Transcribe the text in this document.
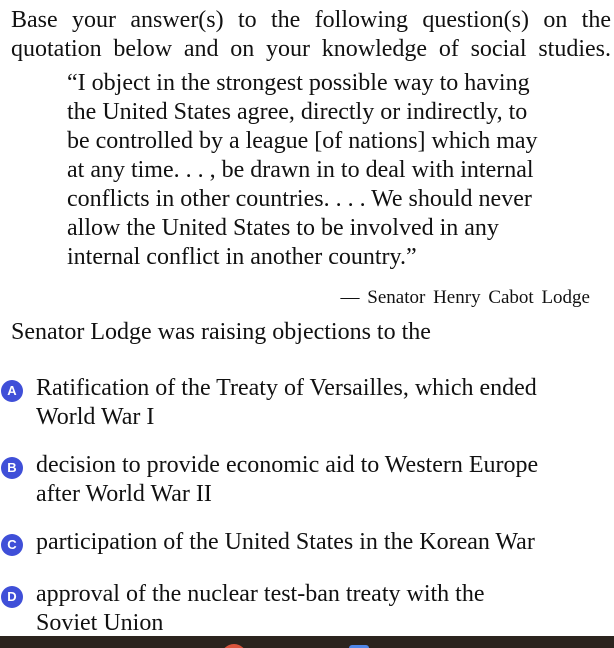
Base your answer(s) to the following question(s) on the
quotation below and on your knowledge of social studies.

“I object in the strongest possible way to having
the United States agree, directly or indirectly, to
be controlled by a league [of nations] which may
at any time. . . , be drawn in to deal with internal
conflicts in other countries. . . . We should never
allow the United States to be involved in any
internal conflict in another country.”
— Senator Henry Cabot Lodge
Senator Lodge was raising objections to the
A Ratification of the Treaty of Versailles, which ended
World War I
B decision to provide economic aid to Western Europe
after World War II
C participation of the United States in the Korean War
D approval of the nuclear test-ban treaty with the
Soviet Union
